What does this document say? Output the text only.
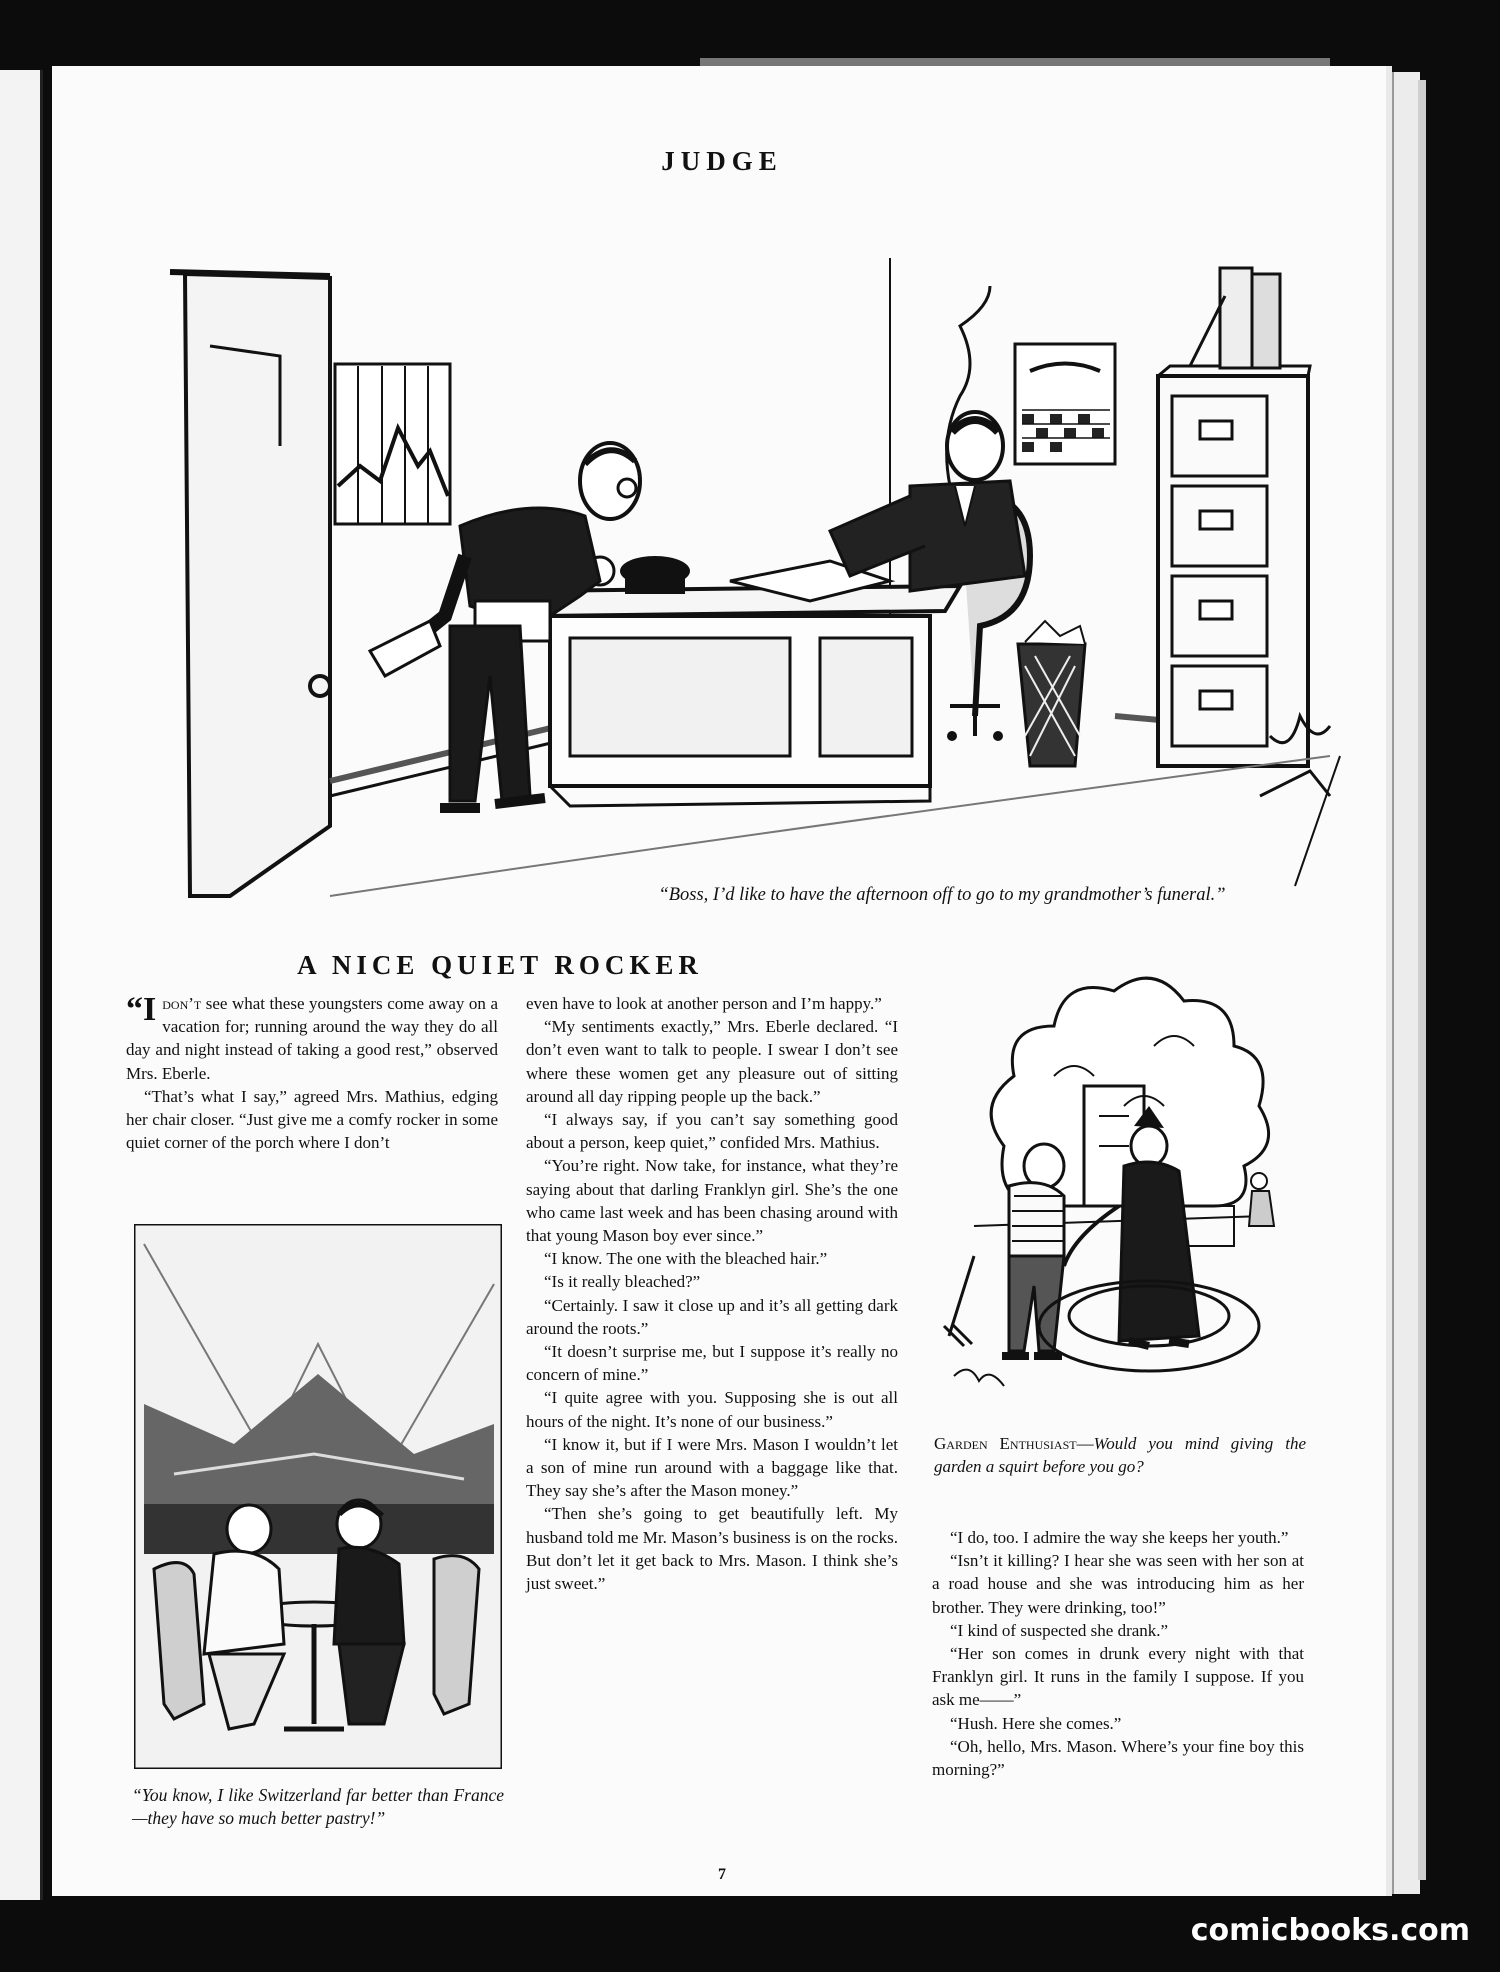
JUDGE
“Boss, I’d like to have the afternoon off to go to my grandmother’s funeral.”
A NICE QUIET ROCKER

“Idon’t see what these youngsters come away on a vacation for; running around the way they do all day and night instead of taking a good rest,” observed Mrs. Eberle.

“That’s what I say,” agreed Mrs. Mathius, edging her chair closer. “Just give me a comfy rocker in some quiet corner of the porch where I don’t

“You know, I like Switzerland far better than France—they have so much better pastry!”

even have to look at another person and I’m happy.”

“My sentiments exactly,” Mrs. Eberle declared. “I don’t even want to talk to people. I swear I don’t see where these women get any pleasure out of sitting around all day ripping people up the back.”

“I always say, if you can’t say something good about a person, keep quiet,” confided Mrs. Mathius.

“You’re right. Now take, for instance, what they’re saying about that darling Franklyn girl. She’s the one who came last week and has been chasing around with that young Mason boy ever since.”

“I know. The one with the bleached hair.”

“Is it really bleached?”

“Certainly. I saw it close up and it’s all getting dark around the roots.”

“It doesn’t surprise me, but I suppose it’s really no concern of mine.”

“I quite agree with you. Supposing she is out all hours of the night. It’s none of our business.”

“I know it, but if I were Mrs. Mason I wouldn’t let a son of mine run around with a baggage like that. They say she’s after the Mason money.”

“Then she’s going to get beautifully left. My husband told me Mr. Mason’s business is on the rocks. But don’t let it get back to Mrs. Mason. I think she’s just sweet.”

Garden Enthusiast—Would you mind giving the garden a squirt before you go?

“I do, too. I admire the way she keeps her youth.”

“Isn’t it killing? I hear she was seen with her son at a road house and she was introducing him as her brother. They were drinking, too!”

“I kind of suspected she drank.”

“Her son comes in drunk every night with that Franklyn girl. It runs in the family I suppose. If you ask me——”

“Hush. Here she comes.”

“Oh, hello, Mrs. Mason. Where’s your fine boy this morning?”

7
comicbooks.com
